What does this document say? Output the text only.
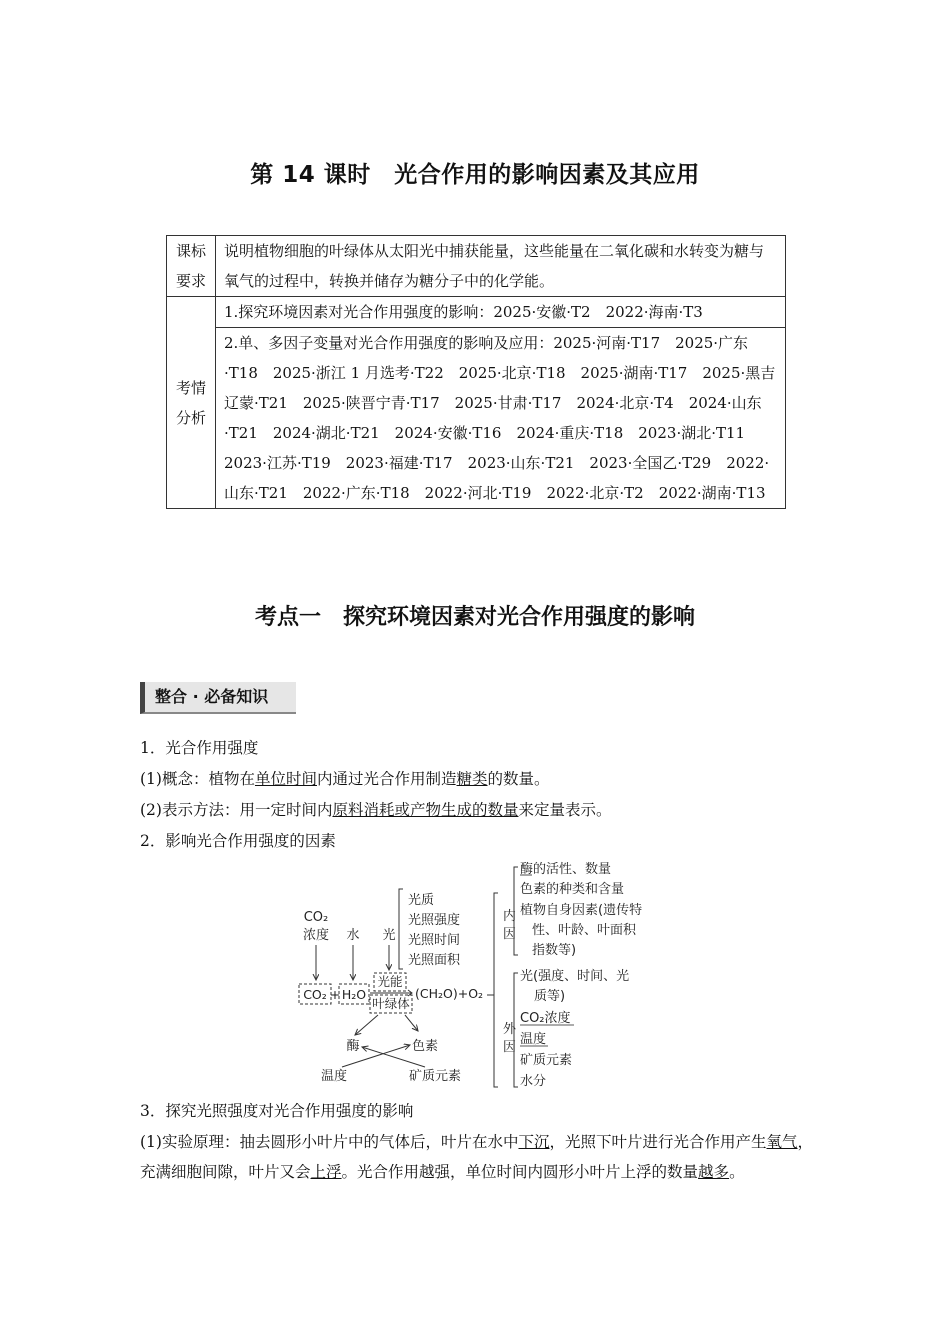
第 14 课时　光合作用的影响因素及其应用
课标要求	说明植物细胞的叶绿体从太阳光中捕获能量，这些能量在二氧化碳和水转变为糖与氧气的过程中，转换并储存为糖分子中的化学能。

考情分析	1.探究环境因素对光合作用强度的影响：2025·安徽·T2　2022·海南·T3
	2.单、多因子变量对光合作用强度的影响及应用：2025·河南·T17　2025·广东·T18　2025·浙江 1 月选考·T22　2025·北京·T18　2025·湖南·T17　2025·黑吉辽蒙·T21　2025·陕晋宁青·T17　2025·甘肃·T17　2024·北京·T4　2024·山东·T21　2024·湖北·T21　2024·安徽·T16　2024·重庆·T18　2023·湖北·T11　2023·江苏·T19　2023·福建·T17　2023·山东·T21　2023·全国乙·T29　2022·山东·T21　2022·广东·T18　2022·河北·T19　2022·北京·T2　2022·湖南·T13
考点一　探究环境因素对光合作用强度的影响
整合 · 必备知识
1．光合作用强度
(1)概念：植物在单位时间内通过光合作用制造糖类的数量。
(2)表示方法：用一定时间内原料消耗或产物生成的数量来定量表示。
2．影响光合作用强度的因素
CO₂
浓度 水 光
光质
光照强度
光照时间
光照面积
CO₂ + H₂O
光能
叶绿体
(CH₂O)+O₂
酶	色素
温度	矿质元素
内
因
外
因
酶的活性、数量
色素的种类和含量
植物自身因素(遗传特
性、叶龄、叶面积
指数等)
光(强度、时间、光
质等)
CO₂浓度
温度
矿质元素
水分
3．探究光照强度对光合作用强度的影响
(1)实验原理：抽去圆形小叶片中的气体后，叶片在水中下沉，光照下叶片进行光合作用产生氧气，充满细胞间隙，叶片又会上浮。光合作用越强，单位时间内圆形小叶片上浮的数量越多。
